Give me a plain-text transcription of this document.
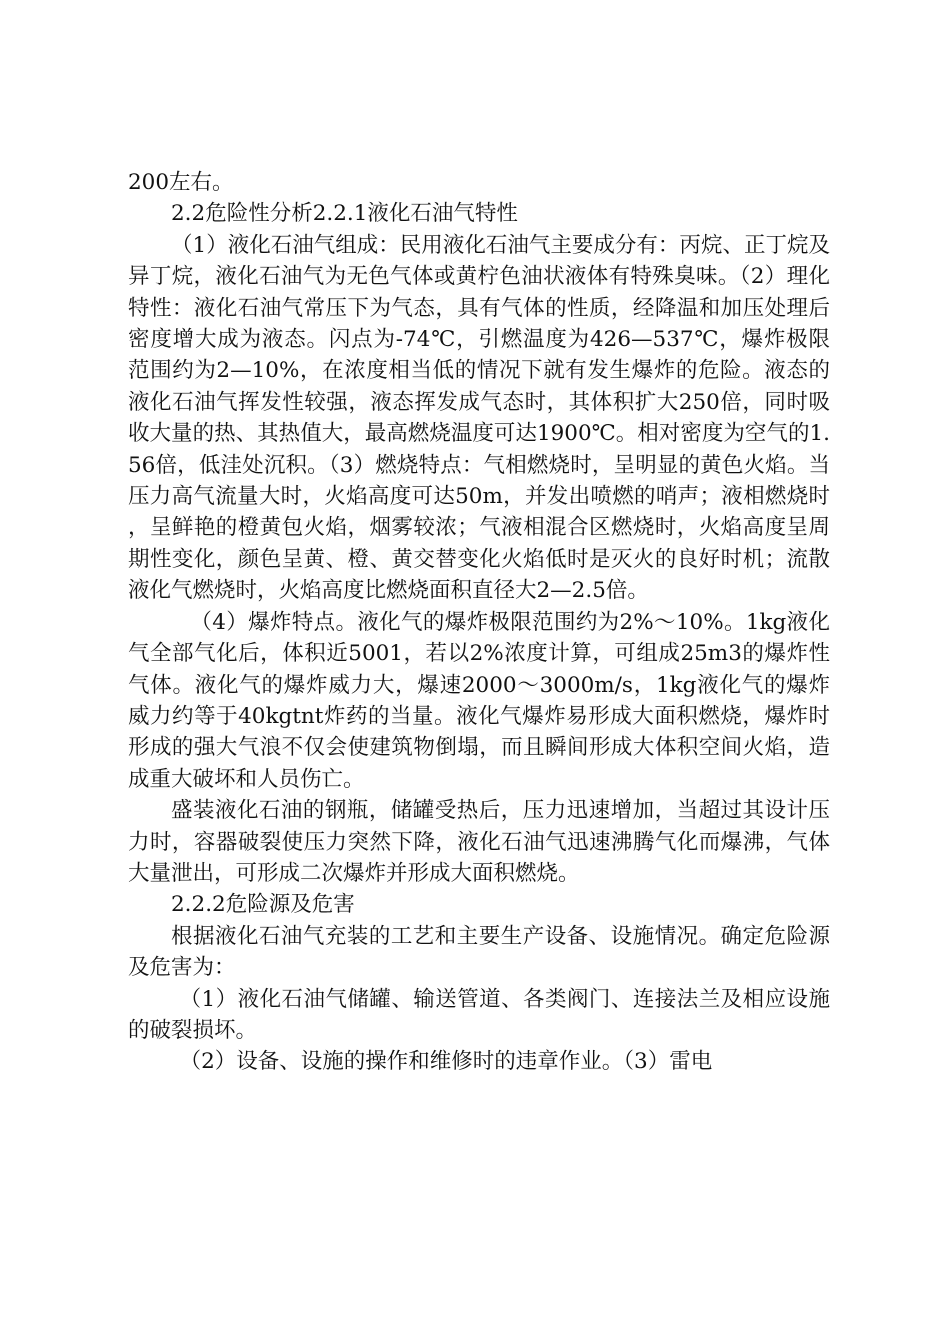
200左右。

2.2危险性分析2.2.1液化石油气特性

（1）液化石油气组成：民用液化石油气主要成分有：丙烷、正丁烷及异丁烷，液化石油气为无色气体或黄柠色油状液体有特殊臭味。（2）理化特性：液化石油气常压下为气态，具有气体的性质，经降温和加压处理后密度增大成为液态。闪点为-74℃，引燃温度为426—537℃，爆炸极限范围约为2—10%，在浓度相当低的情况下就有发生爆炸的危险。液态的液化石油气挥发性较强，液态挥发成气态时，其体积扩大250倍，同时吸收大量的热、其热值大，最高燃烧温度可达1900℃。相对密度为空气的1.56倍，低洼处沉积。（3）燃烧特点：气相燃烧时，呈明显的黄色火焰。当压力高气流量大时，火焰高度可达50m，并发出喷燃的哨声；液相燃烧时，呈鲜艳的橙黄包火焰，烟雾较浓；气液相混合区燃烧时，火焰高度呈周期性变化，颜色呈黄、橙、黄交替变化火焰低时是灭火的良好时机；流散液化气燃烧时，火焰高度比燃烧面积直径大2—2.5倍。

（4）爆炸特点。液化气的爆炸极限范围约为2%～10%。1kg液化气全部气化后，体积近5001，若以2%浓度计算，可组成25m3的爆炸性气体。液化气的爆炸威力大，爆速2000～3000m/s，1kg液化气的爆炸威力约等于40kgtnt炸药的当量。液化气爆炸易形成大面积燃烧，爆炸时形成的强大气浪不仅会使建筑物倒塌，而且瞬间形成大体积空间火焰，造成重大破坏和人员伤亡。

盛装液化石油的钢瓶，储罐受热后，压力迅速增加，当超过其设计压力时，容器破裂使压力突然下降，液化石油气迅速沸腾气化而爆沸，气体大量泄出，可形成二次爆炸并形成大面积燃烧。

2.2.2危险源及危害

根据液化石油气充装的工艺和主要生产设备、设施情况。确定危险源及危害为：

（1）液化石油气储罐、输送管道、各类阀门、连接法兰及相应设施的破裂损坏。

（2）设备、设施的操作和维修时的违章作业。（3）雷电
